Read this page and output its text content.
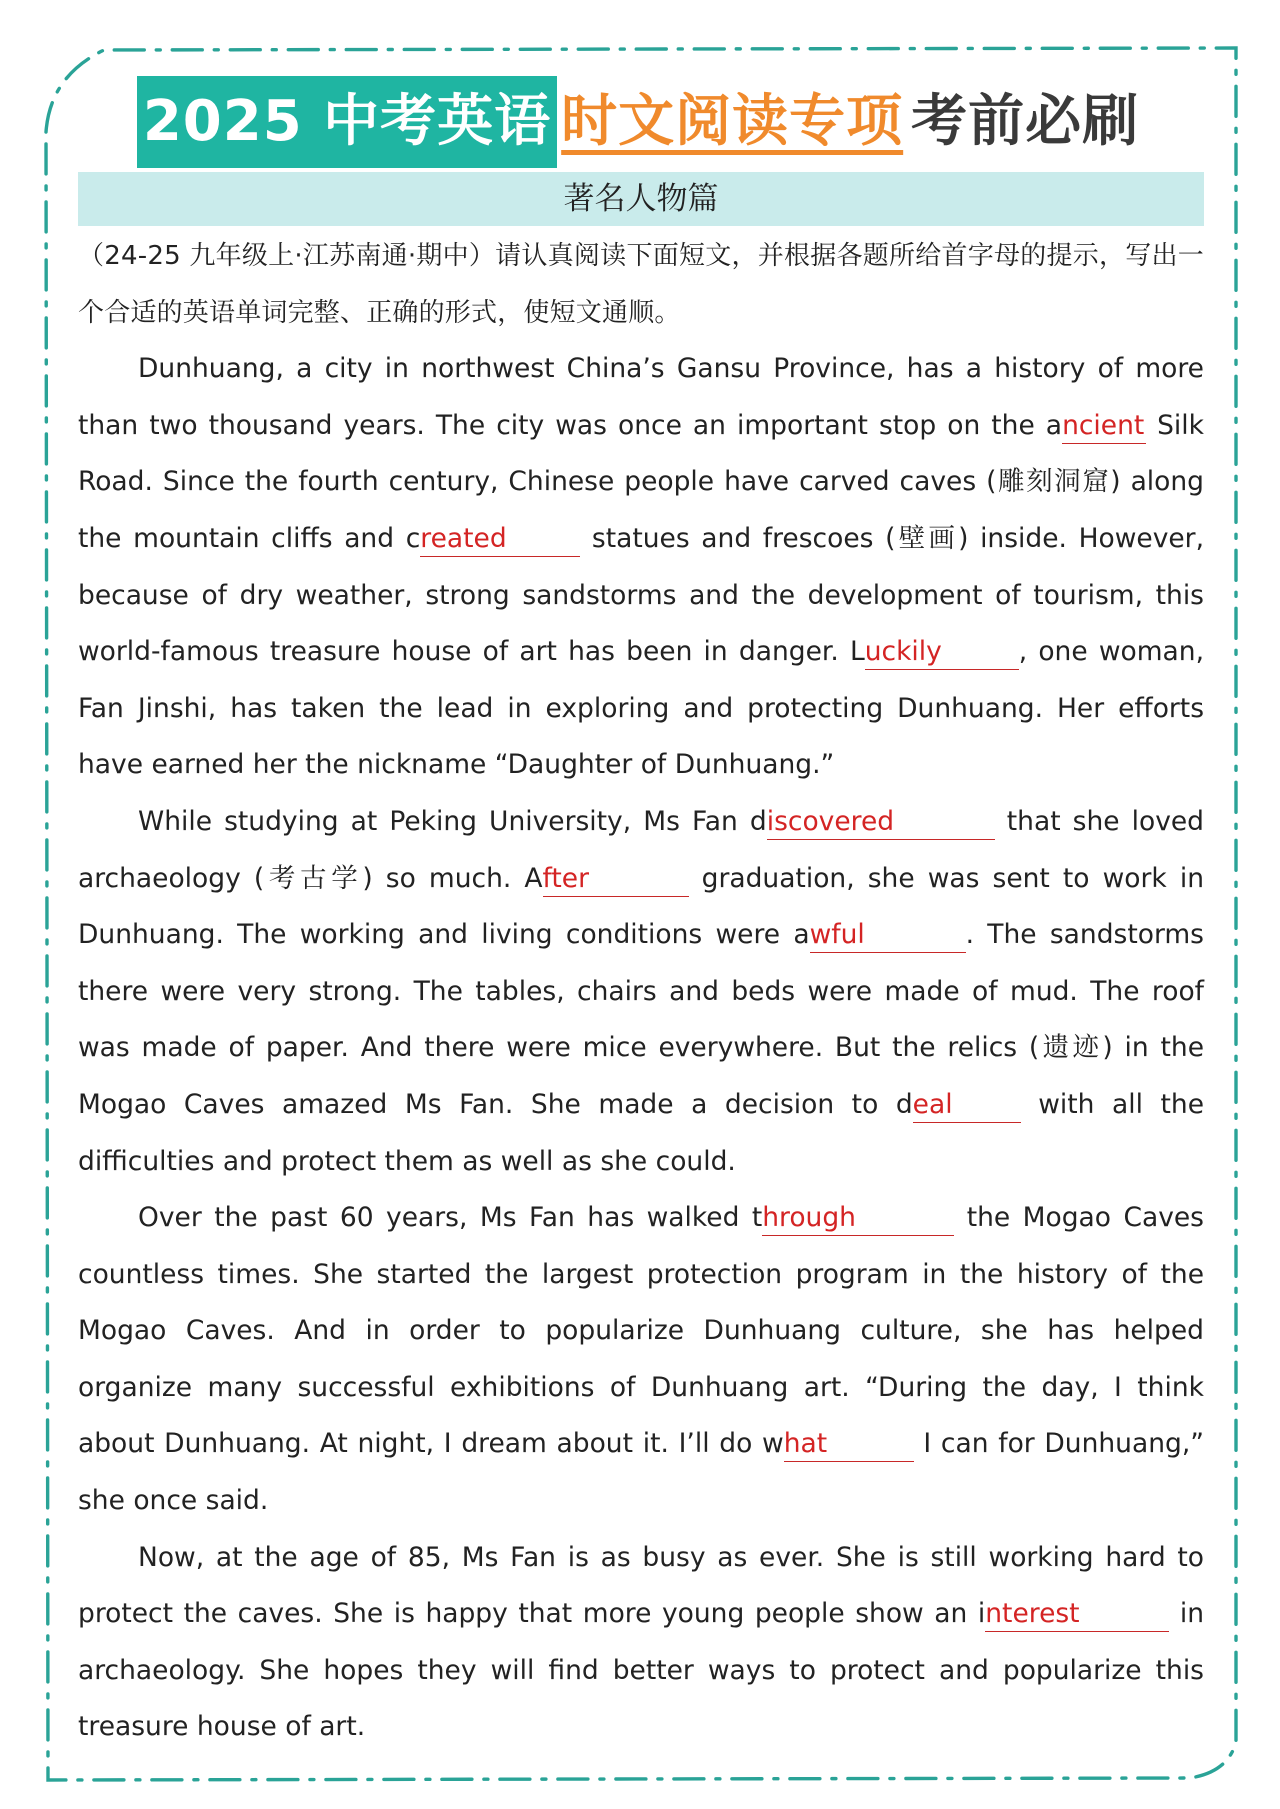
2025 中考英语 时文阅读专项 考前必刷
著名人物篇

（24-25 九年级上·江苏南通·期中）请认真阅读下面短文，并根据各题所给首字母的提示，写出一个合适的英语单词完整、正确的形式，使短文通顺。

Dunhuang, a city in northwest China’s Gansu Province, has a history of more than two thousand years. The city was once an important stop on the ancient Silk Road. Since the fourth century, Chinese people have carved caves (雕刻洞窟) along the mountain cliffs and created	statues and frescoes (壁画) inside. However, because of dry weather, strong sandstorms and the development of tourism, this world-famous treasure house of art has been in danger. Luckily	, one woman, Fan Jinshi, has taken the lead in exploring and protecting Dunhuang. Her efforts have earned her the nickname “Daughter of Dunhuang.”

While studying at Peking University, Ms Fan discovered	that she loved archaeology (考古学) so much. After	graduation, she was sent to work in Dunhuang. The working and living conditions were awful	. The sandstorms there were very strong. The tables, chairs and beds were made of mud. The roof was made of paper. And there were mice everywhere. But the relics (遗迹) in the Mogao Caves amazed Ms Fan. She made a decision to deal	with all the difficulties and protect them as well as she could.

Over the past 60 years, Ms Fan has walked through	the Mogao Caves countless times. She started the largest protection program in the history of the Mogao Caves. And in order to popularize Dunhuang culture, she has helped organize many successful exhibitions of Dunhuang art. “During the day, I think about Dunhuang. At night, I dream about it. I’ll do what	I can for Dunhuang,” she once said.

Now, at the age of 85, Ms Fan is as busy as ever. She is still working hard to protect the caves. She is happy that more young people show an interest	in archaeology. She hopes they will find better ways to protect and popularize this treasure house of art.
